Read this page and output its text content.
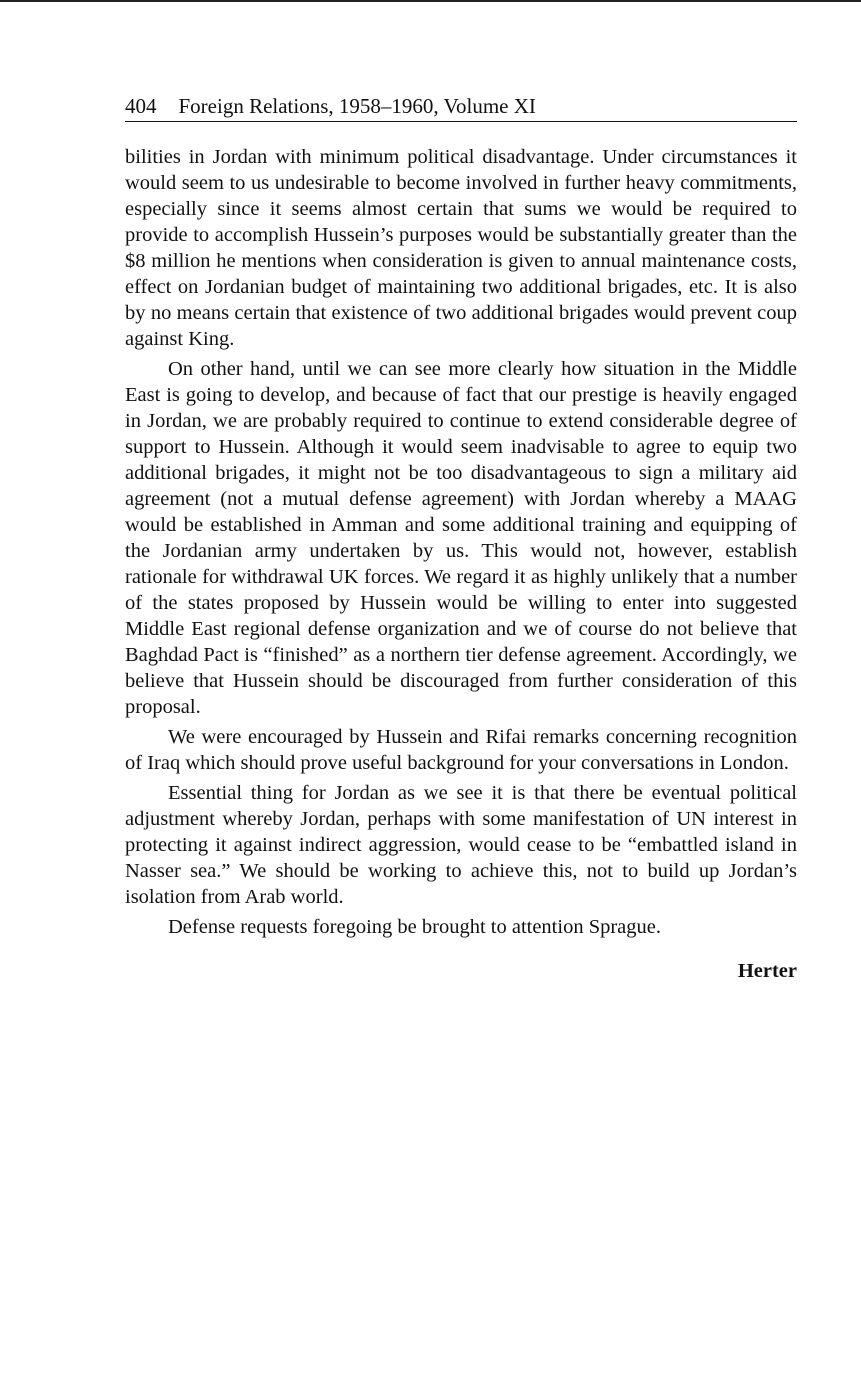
404 Foreign Relations, 1958–1960, Volume XI

bilities in Jordan with minimum political disadvantage. Under circumstances it would seem to us undesirable to become involved in further heavy commitments, especially since it seems almost certain that sums we would be required to provide to accomplish Hussein’s purposes would be substantially greater than the $8 million he mentions when consideration is given to annual maintenance costs, effect on Jordanian budget of maintaining two additional brigades, etc. It is also by no means certain that existence of two additional brigades would prevent coup against King.

On other hand, until we can see more clearly how situation in the Middle East is going to develop, and because of fact that our prestige is heavily engaged in Jordan, we are probably required to continue to extend considerable degree of support to Hussein. Although it would seem inadvisable to agree to equip two additional brigades, it might not be too disadvantageous to sign a military aid agreement (not a mutual defense agreement) with Jordan whereby a MAAG would be established in Amman and some additional training and equipping of the Jordanian army undertaken by us. This would not, however, establish rationale for withdrawal UK forces. We regard it as highly unlikely that a number of the states proposed by Hussein would be willing to enter into suggested Middle East regional defense organization and we of course do not believe that Baghdad Pact is “finished” as a northern tier defense agreement. Accordingly, we believe that Hussein should be discouraged from further consideration of this proposal.

We were encouraged by Hussein and Rifai remarks concerning recognition of Iraq which should prove useful background for your conversations in London.

Essential thing for Jordan as we see it is that there be eventual political adjustment whereby Jordan, perhaps with some manifestation of UN interest in protecting it against indirect aggression, would cease to be “embattled island in Nasser sea.” We should be working to achieve this, not to build up Jordan’s isolation from Arab world.

Defense requests foregoing be brought to attention Sprague.

Herter
